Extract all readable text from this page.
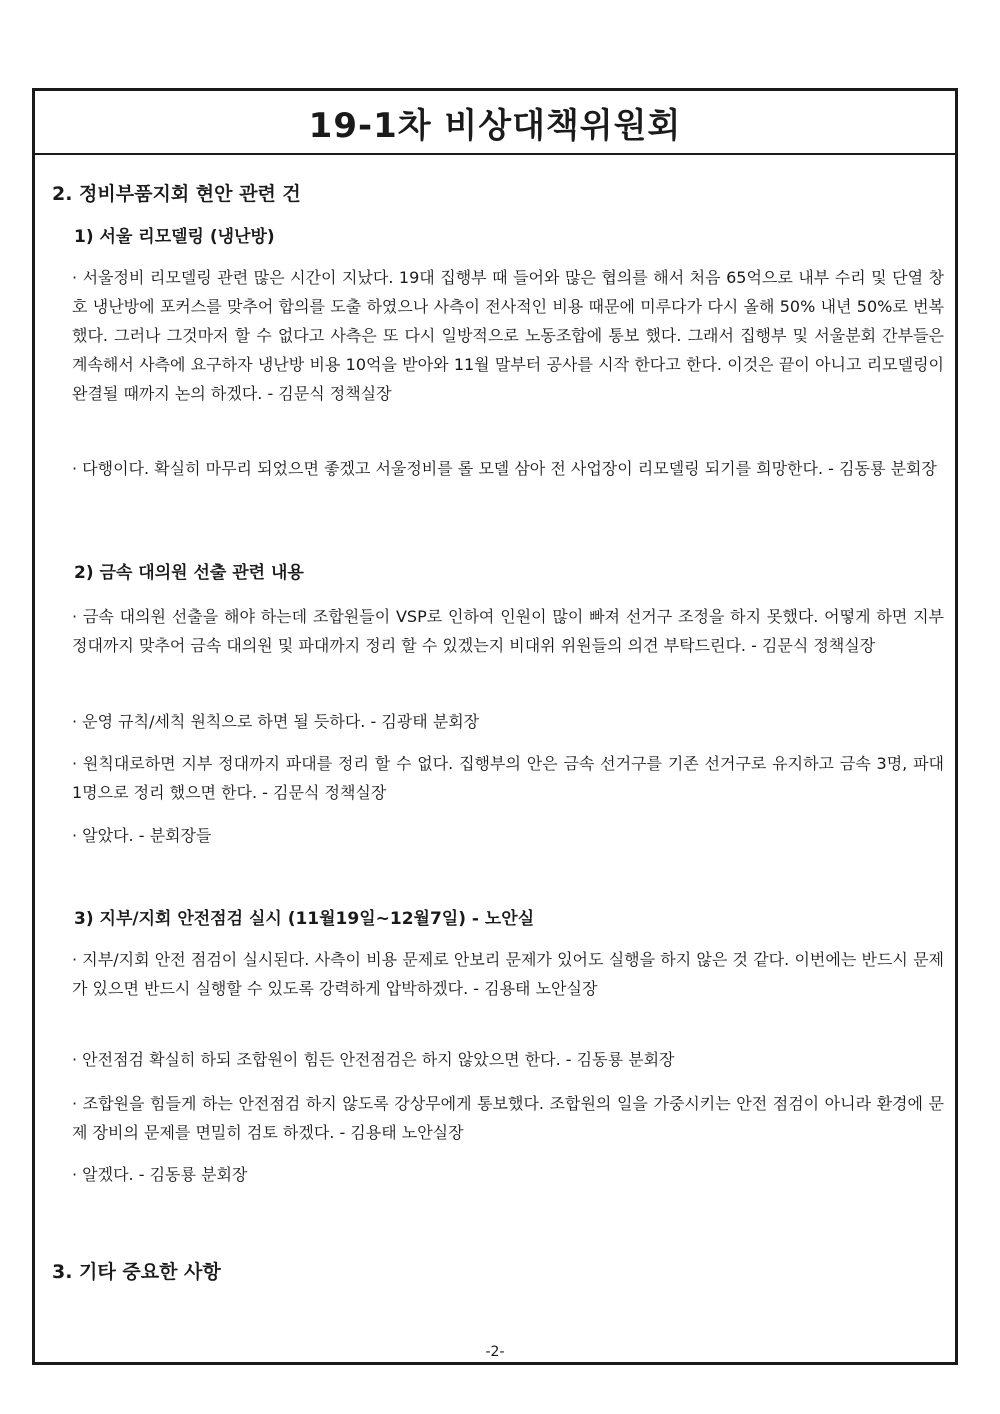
19-1차 비상대책위원회
2. 정비부품지회 현안 관련 건
1) 서울 리모델링 (냉난방)

· 서울정비 리모델링 관련 많은 시간이 지났다. 19대 집행부 때 들어와 많은 협의를 해서 처음 65억으로 내부 수리 및 단열 창호 냉난방에 포커스를 맞추어 합의를 도출 하였으나 사측이 전사적인 비용 때문에 미루다가 다시 올해 50% 내년 50%로 번복했다. 그러나 그것마저 할 수 없다고 사측은 또 다시 일방적으로 노동조합에 통보 했다. 그래서 집행부 및 서울분회 간부들은 계속해서 사측에 요구하자 냉난방 비용 10억을 받아와 11월 말부터 공사를 시작 한다고 한다. 이것은 끝이 아니고 리모델링이 완결될 때까지 논의 하겠다. - 김문식 정책실장

· 다행이다. 확실히 마무리 되었으면 좋겠고 서울정비를 롤 모델 삼아 전 사업장이 리모델링 되기를 희망한다. - 김동룡 분회장

2) 금속 대의원 선출 관련 내용

· 금속 대의원 선출을 해야 하는데 조합원들이 VSP로 인하여 인원이 많이 빠져 선거구 조정을 하지 못했다. 어떻게 하면 지부 정대까지 맞추어 금속 대의원 및 파대까지 정리 할 수 있겠는지 비대위 위원들의 의견 부탁드린다. - 김문식 정책실장

· 운영 규칙/세칙 원칙으로 하면 될 듯하다. - 김광태 분회장

· 원칙대로하면 지부 정대까지 파대를 정리 할 수 없다. 집행부의 안은 금속 선거구를 기존 선거구로 유지하고 금속 3명, 파대 1명으로 정리 했으면 한다. - 김문식 정책실장

· 알았다. - 분회장들

3) 지부/지회 안전점검 실시 (11월19일~12월7일) - 노안실

· 지부/지회 안전 점검이 실시된다. 사측이 비용 문제로 안보리 문제가 있어도 실행을 하지 않은 것 같다. 이번에는 반드시 문제가 있으면 반드시 실행할 수 있도록 강력하게 압박하겠다. - 김용태 노안실장

· 안전점검 확실히 하되 조합원이 힘든 안전점검은 하지 않았으면 한다. - 김동룡 분회장

· 조합원을 힘들게 하는 안전점검 하지 않도록 강상무에게 통보했다. 조합원의 일을 가중시키는 안전 점검이 아니라 환경에 문제 장비의 문제를 면밀히 검토 하겠다. - 김용태 노안실장

· 알겠다. - 김동룡 분회장

3. 기타 중요한 사항
-2-
